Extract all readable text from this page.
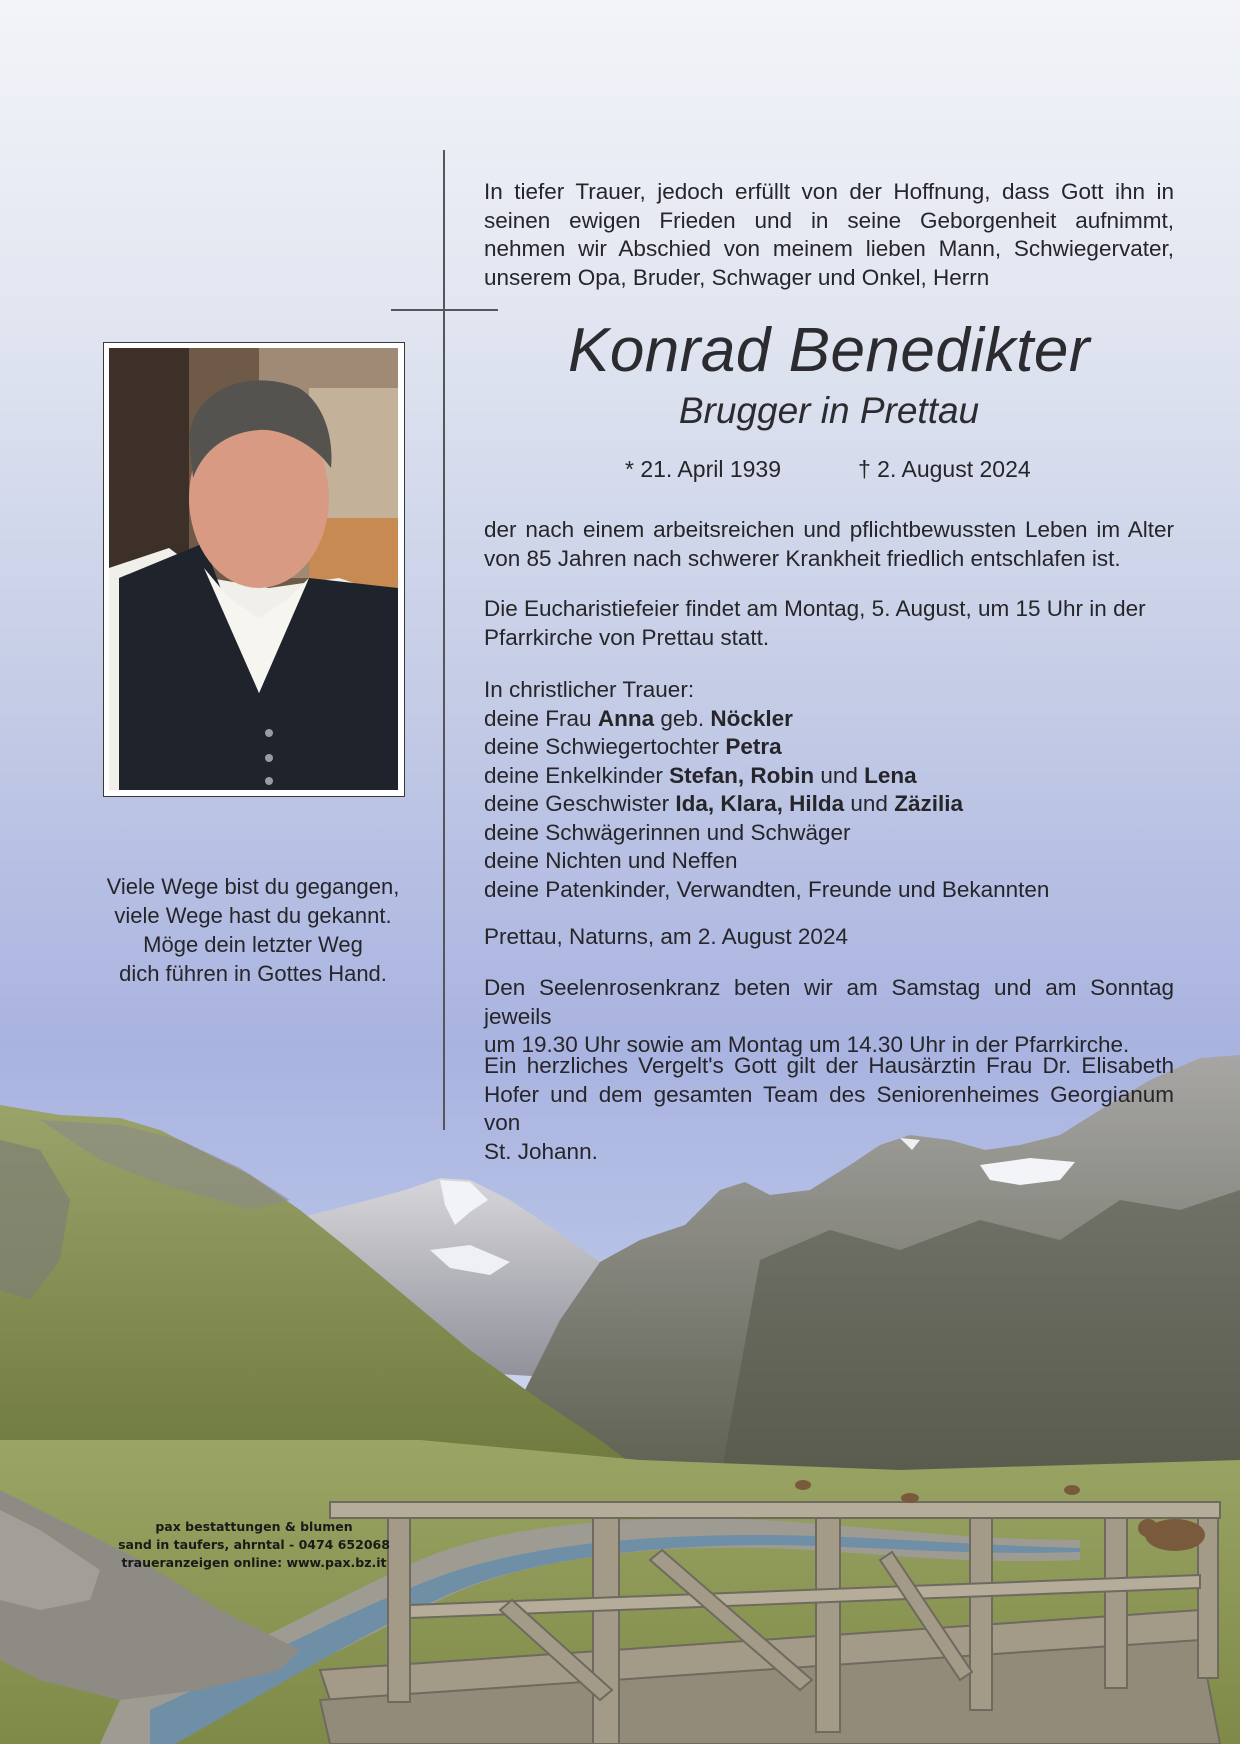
Viele Wege bist du gegangen,
viele Wege hast du gekannt.
Möge dein letzter Weg
dich führen in Gottes Hand.
In tiefer Trauer, jedoch erfüllt von der Hoffnung, dass Gott ihn in
seinen ewigen Frieden und in seine Geborgenheit aufnimmt,
nehmen wir Abschied von meinem lieben Mann, Schwiegervater,
unserem Opa, Bruder, Schwager und Onkel, Herrn
Konrad Benedikter
Brugger in Prettau
* 21. April 1939	† 2. August 2024
der nach einem arbeitsreichen und pflichtbewussten Leben im Alter
von 85 Jahren nach schwerer Krankheit friedlich entschlafen ist.
Die Eucharistiefeier findet am Montag, 5. August, um 15 Uhr in der
Pfarrkirche von Prettau statt.
In christlicher Trauer:
deine Frau Anna geb. Nöckler
deine Schwiegertochter Petra
deine Enkelkinder Stefan, Robin und Lena
deine Geschwister Ida, Klara, Hilda und Zäzilia
deine Schwägerinnen und Schwäger
deine Nichten und Neffen
deine Patenkinder, Verwandten, Freunde und Bekannten
Prettau, Naturns, am 2. August 2024
Den Seelenrosenkranz beten wir am Samstag und am Sonntag jeweils
um 19.30 Uhr sowie am Montag um 14.30 Uhr in der Pfarrkirche.
Ein herzliches Vergelt's Gott gilt der Hausärztin Frau Dr. Elisabeth
Hofer und dem gesamten Team des Seniorenheimes Georgianum von
St. Johann.
pax bestattungen & blumen
sand in taufers, ahrntal - 0474 652068
traueranzeigen online: www.pax.bz.it
